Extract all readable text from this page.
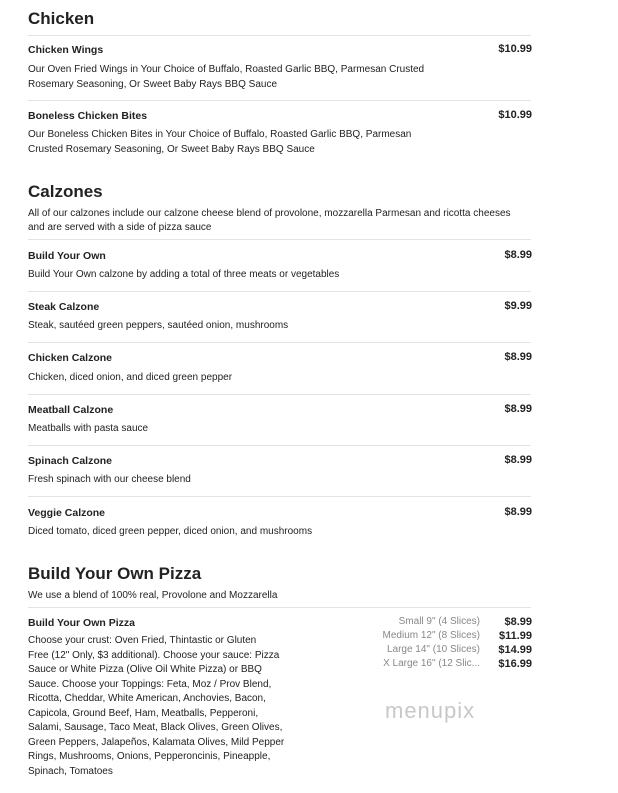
Chicken
Chicken Wings	$10.99
Our Oven Fried Wings in Your Choice of Buffalo, Roasted Garlic BBQ, Parmesan Crusted Rosemary Seasoning, Or Sweet Baby Rays BBQ Sauce
Boneless Chicken Bites	$10.99
Our Boneless Chicken Bites in Your Choice of Buffalo, Roasted Garlic BBQ, Parmesan Crusted Rosemary Seasoning, Or Sweet Baby Rays BBQ Sauce
Calzones
All of our calzones include our calzone cheese blend of provolone, mozzarella Parmesan and ricotta cheeses and are served with a side of pizza sauce
Build Your Own	$8.99
Build Your Own calzone by adding a total of three meats or vegetables
Steak Calzone	$9.99
Steak, sautéed green peppers, sautéed onion, mushrooms
Chicken Calzone	$8.99
Chicken, diced onion, and diced green pepper
Meatball Calzone	$8.99
Meatballs with pasta sauce
Spinach Calzone	$8.99
Fresh spinach with our cheese blend
Veggie Calzone	$8.99
Diced tomato, diced green pepper, diced onion, and mushrooms
Build Your Own Pizza
We use a blend of 100% real, Provolone and Mozzarella
Build Your Own Pizza
Choose your crust: Oven Fried, Thintastic or Gluten
Free (12" Only, $3 additional). Choose your sauce: Pizza
Sauce or White Pizza (Olive Oil White Pizza) or BBQ
Sauce. Choose your Toppings: Feta, Moz / Prov Blend,
Ricotta, Cheddar, White American, Anchovies, Bacon,
Capicola, Ground Beef, Ham, Meatballs, Pepperoni,
Salami, Sausage, Taco Meat, Black Olives, Green Olives,
Green Peppers, Jalapeños, Kalamata Olives, Mild Pepper
Rings, Mushrooms, Onions, Pepperoncinis, Pineapple,
Spinach, Tomatoes
Small 9" (4 Slices) $8.99
Medium 12" (8 Slices) $11.99
Large 14" (10 Slices) $14.99
X Large 16" (12 Slic... $16.99
menupix
